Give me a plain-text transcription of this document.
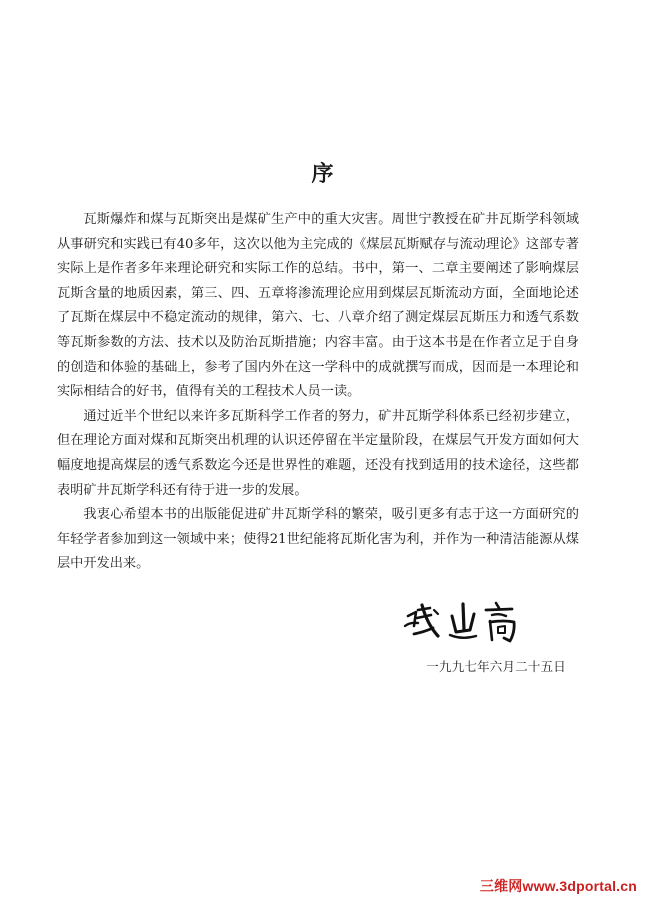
序

瓦斯爆炸和煤与瓦斯突出是煤矿生产中的重大灾害。周世宁教授在矿井瓦斯学科领域从事研究和实践已有40多年，这次以他为主完成的《煤层瓦斯赋存与流动理论》这部专著实际上是作者多年来理论研究和实际工作的总结。书中，第一、二章主要阐述了影响煤层瓦斯含量的地质因素，第三、四、五章将渗流理论应用到煤层瓦斯流动方面，全面地论述了瓦斯在煤层中不稳定流动的规律，第六、七、八章介绍了测定煤层瓦斯压力和透气系数等瓦斯参数的方法、技术以及防治瓦斯措施；内容丰富。由于这本书是在作者立足于自身的创造和体验的基础上，参考了国内外在这一学科中的成就撰写而成，因而是一本理论和实际相结合的好书，值得有关的工程技术人员一读。

通过近半个世纪以来许多瓦斯科学工作者的努力，矿井瓦斯学科体系已经初步建立，但在理论方面对煤和瓦斯突出机理的认识还停留在半定量阶段，在煤层气开发方面如何大幅度地提高煤层的透气系数迄今还是世界性的难题，还没有找到适用的技术途径，这些都表明矿井瓦斯学科还有待于进一步的发展。

我衷心希望本书的出版能促进矿井瓦斯学科的繁荣，吸引更多有志于这一方面研究的年轻学者参加到这一领域中来；使得21世纪能将瓦斯化害为利，并作为一种清洁能源从煤层中开发出来。

一九九七年六月二十五日
三维网www.3dportal.cn
